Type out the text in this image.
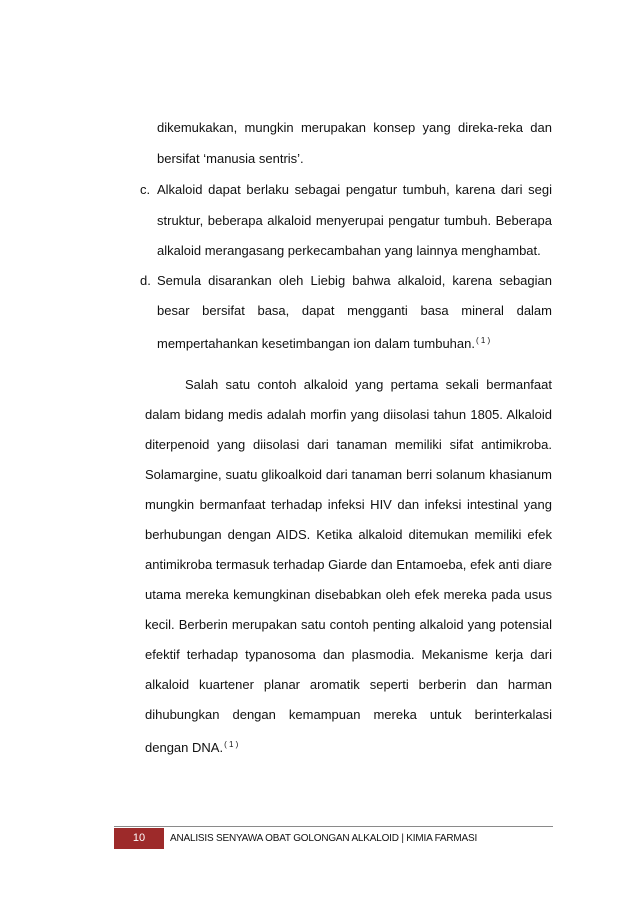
dikemukakan, mungkin merupakan konsep yang direka-reka dan
bersifat ‘manusia sentris’.
c. Alkaloid dapat berlaku sebagai pengatur tumbuh, karena dari segi
struktur, beberapa alkaloid menyerupai pengatur tumbuh. Beberapa
alkaloid merangasang perkecambahan yang lainnya menghambat.
d. Semula disarankan oleh Liebig bahwa alkaloid, karena sebagian
besar bersifat basa, dapat mengganti basa mineral dalam
mempertahankan kesetimbangan ion dalam tumbuhan.$^{( 1 )}$
Salah satu contoh alkaloid yang pertama sekali bermanfaat
dalam bidang medis adalah morfin yang diisolasi tahun 1805. Alkaloid
diterpenoid yang diisolasi dari tanaman memiliki sifat antimikroba.
Solamargine, suatu glikoalkoid dari tanaman berri solanum khasianum
mungkin bermanfaat terhadap infeksi HIV dan infeksi intestinal yang
berhubungan dengan AIDS. Ketika alkaloid ditemukan memiliki efek
antimikroba termasuk terhadap Giarde dan Entamoeba, efek anti diare
utama mereka kemungkinan disebabkan oleh efek mereka pada usus
kecil. Berberin merupakan satu contoh penting alkaloid yang potensial
efektif terhadap typanosoma dan plasmodia. Mekanisme kerja dari
alkaloid kuartener planar aromatik seperti berberin dan harman
dihubungkan dengan kemampuan mereka untuk berinterkalasi
dengan DNA.$^{( 1 )}$
10	ANALISIS SENYAWA OBAT GOLONGAN ALKALOID | KIMIA FARMASI
